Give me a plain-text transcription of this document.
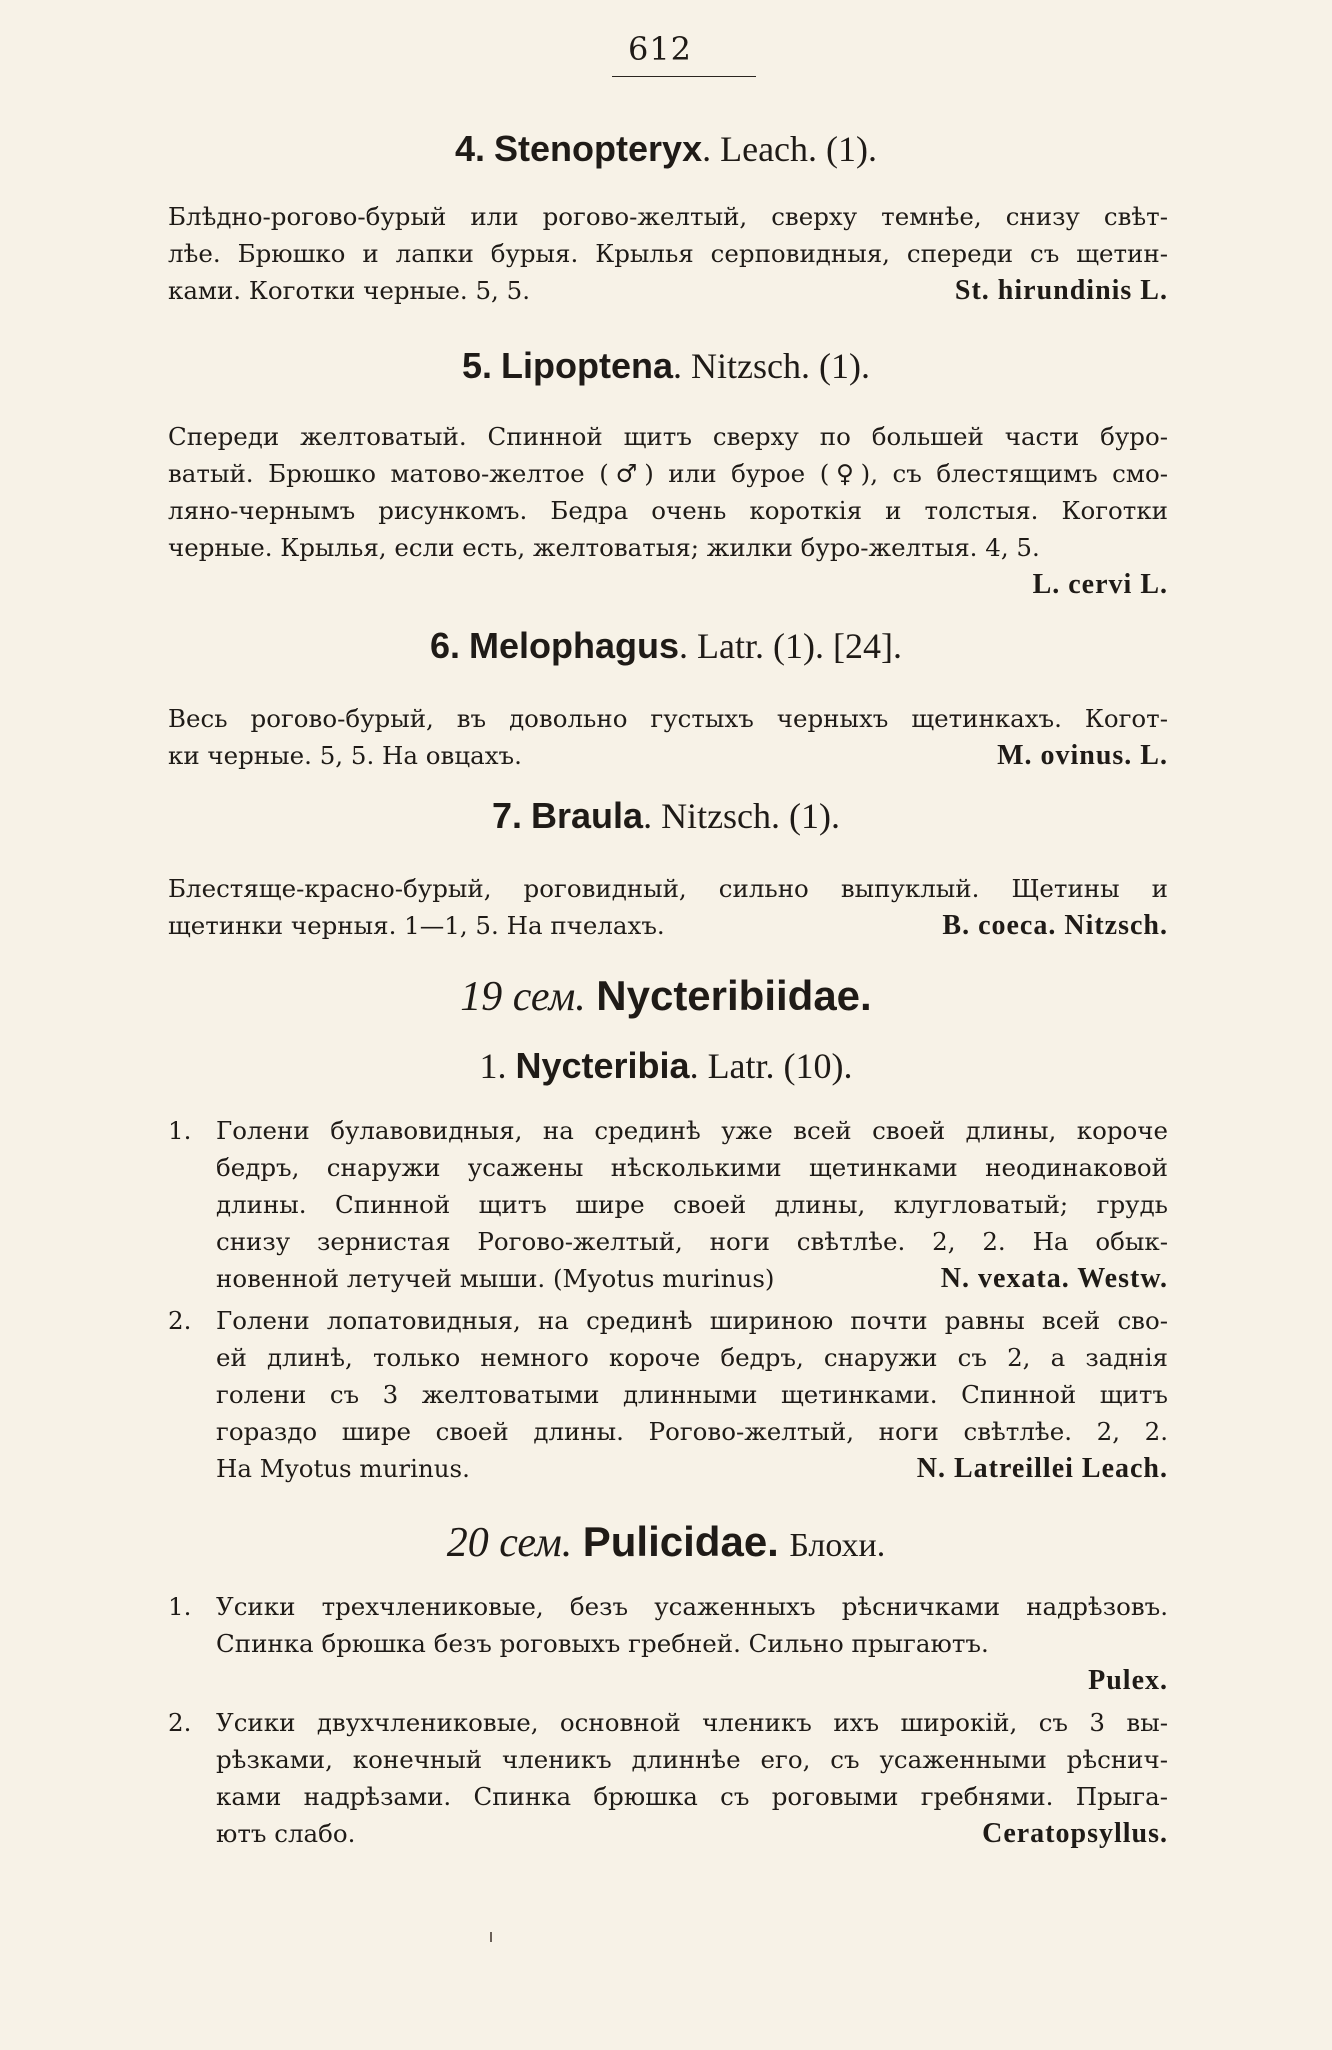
612
4. Stenopteryx. Leach. (1).
Блѣдно-рогово-бурый или рогово-желтый, сверху темнѣе, снизу свѣт-
лѣе. Брюшко и лапки бурыя. Крылья серповидныя, спереди съ щетин-
ками. Коготки черные. 5, 5.	St. hirundinis L.
5. Lipoptena. Nitzsch. (1).
Спереди желтоватый. Спинной щитъ сверху по большей части буро-
ватый. Брюшко матово-желтое (♂) или бурое (♀), съ блестящимъ смо-
ляно-чернымъ рисункомъ. Бедра очень короткія и толстыя. Коготки
черные. Крылья, если есть, желтоватыя; жилки буро-желтыя. 4, 5.
L. cervi L.
6. Melophagus. Latr. (1). [24].
Весь рогово-бурый, въ довольно густыхъ черныхъ щетинкахъ. Когот-
ки черные. 5, 5. На овцахъ.	M. ovinus. L.
7. Braula. Nitzsch. (1).
Блестяще-красно-бурый, роговидный, сильно выпуклый. Щетины и
щетинки черныя. 1—1, 5. На пчелахъ.	B. coeca. Nitzsch.
19 сем. Nycteribiidae.
1. Nycteribia. Latr. (10).
1. Голени булавовидныя, на срединѣ уже всей своей длины, короче
бедръ, снаружи усажены нѣсколькими щетинками неодинаковой
длины. Спинной щитъ шире своей длины, клугловатый; грудь
снизу зернистая Рогово-желтый, ноги свѣтлѣе. 2, 2. На обык-
новенной летучей мыши. (Myotus murinus)	N. vexata. Westw.
2. Голени лопатовидныя, на срединѣ шириною почти равны всей сво-
ей длинѣ, только немного короче бедръ, снаружи съ 2, а заднія
голени съ 3 желтоватыми длинными щетинками. Спинной щитъ
гораздо шире своей длины. Рогово-желтый, ноги свѣтлѣе. 2, 2.
На Myotus murinus.	N. Latreillei Leach.
20 сем. Pulicidae. Блохи.
1. Усики трехчлениковые, безъ усаженныхъ рѣсничками надрѣзовъ.
Спинка брюшка безъ роговыхъ гребней. Сильно прыгаютъ.
Pulex.
2. Усики двухчлениковые, основной членикъ ихъ широкій, съ 3 вы-
рѣзками, конечный членикъ длиннѣе его, съ усаженными рѣснич-
ками надрѣзами. Спинка брюшка съ роговыми гребнями. Прыга-
ютъ слабо.	Ceratopsyllus.
